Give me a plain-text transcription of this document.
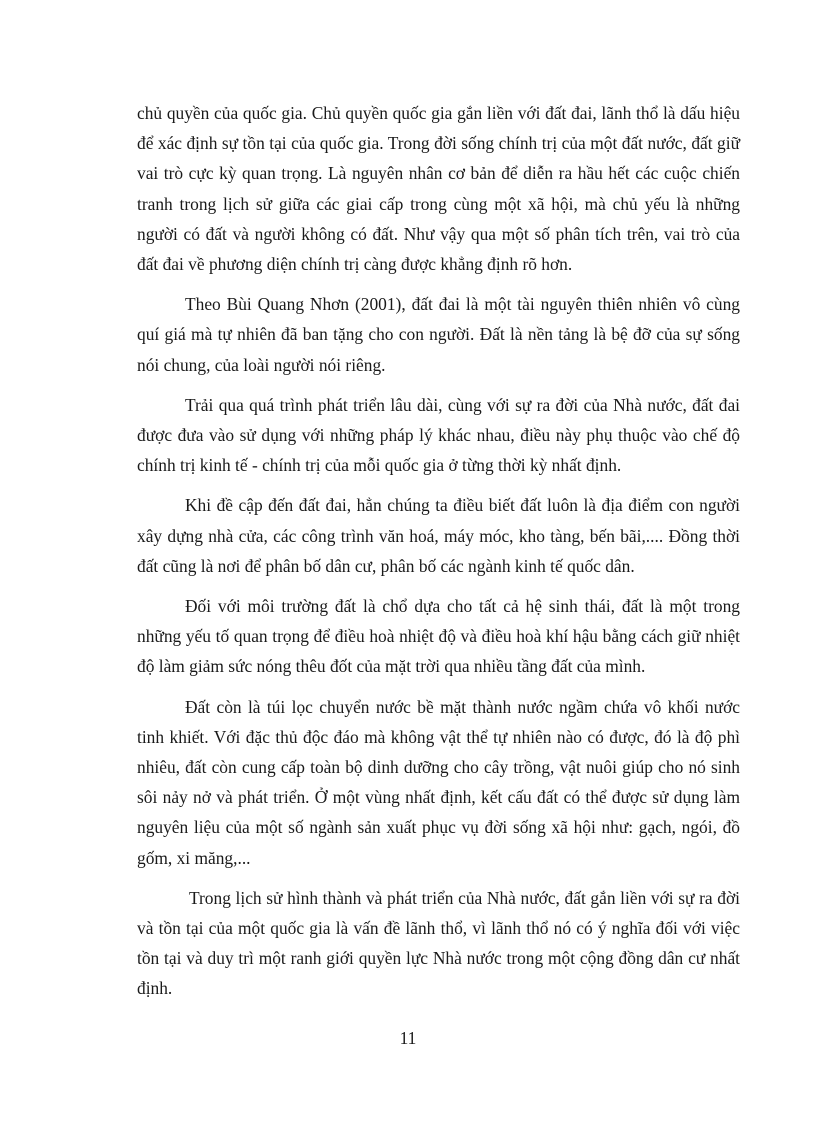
chủ quyền của quốc gia. Chủ quyền quốc gia gắn liền với đất đai, lãnh thổ là dấu hiệu để xác định sự tồn tại của quốc gia. Trong đời sống chính trị của một đất nước, đất giữ vai trò cực kỳ quan trọng. Là nguyên nhân cơ bản để diễn ra hầu hết các cuộc chiến tranh trong lịch sử giữa các giai cấp trong cùng một xã hội, mà chủ yếu là những người có đất và người không có đất. Như vậy qua một số phân tích trên, vai trò của đất đai về phương diện chính trị càng được khẳng định rõ hơn.

Theo Bùi Quang Nhơn (2001), đất đai là một tài nguyên thiên nhiên vô cùng quí giá mà tự nhiên đã ban tặng cho con người. Đất là nền tảng là bệ đỡ của sự sống nói chung, của loài người nói riêng.

Trải qua quá trình phát triển lâu dài, cùng với sự ra đời của Nhà nước, đất đai được đưa vào sử dụng với những pháp lý khác nhau, điều này phụ thuộc vào chế độ chính trị kinh tế - chính trị của mỗi quốc gia ở từng thời kỳ nhất định.

Khi đề cập đến đất đai, hẳn chúng ta điều biết đất luôn là địa điểm con người xây dựng nhà cửa, các công trình văn hoá, máy móc, kho tàng, bến bãi,.... Đồng thời đất cũng là nơi để phân bố dân cư, phân bố các ngành kinh tế quốc dân.

Đối với môi trường đất là chổ dựa cho tất cả hệ sinh thái, đất là một trong những yếu tố quan trọng để điều hoà nhiệt độ và điều hoà khí hậu bằng cách giữ nhiệt độ làm giảm sức nóng thêu đốt của mặt trời qua nhiều tầng đất của mình.

Đất còn là túi lọc chuyển nước bề mặt thành nước ngầm chứa vô khối nước tinh khiết. Với đặc thủ độc đáo mà không vật thể tự nhiên nào có được, đó là độ phì nhiêu, đất còn cung cấp toàn bộ dinh dưỡng cho cây trồng, vật nuôi giúp cho nó sinh sôi nảy nở và phát triển. Ở một vùng nhất định, kết cấu đất có thể được sử dụng làm nguyên liệu của một số ngành sản xuất phục vụ đời sống xã hội như: gạch, ngói, đồ gốm, xi măng,...

Trong lịch sử hình thành và phát triển của Nhà nước, đất gắn liền với sự ra đời và tồn tại của một quốc gia là vấn đề lãnh thổ, vì lãnh thổ nó có ý nghĩa đối với việc tồn tại và duy trì một ranh giới quyền lực Nhà nước trong một cộng đồng dân cư nhất định.

11
